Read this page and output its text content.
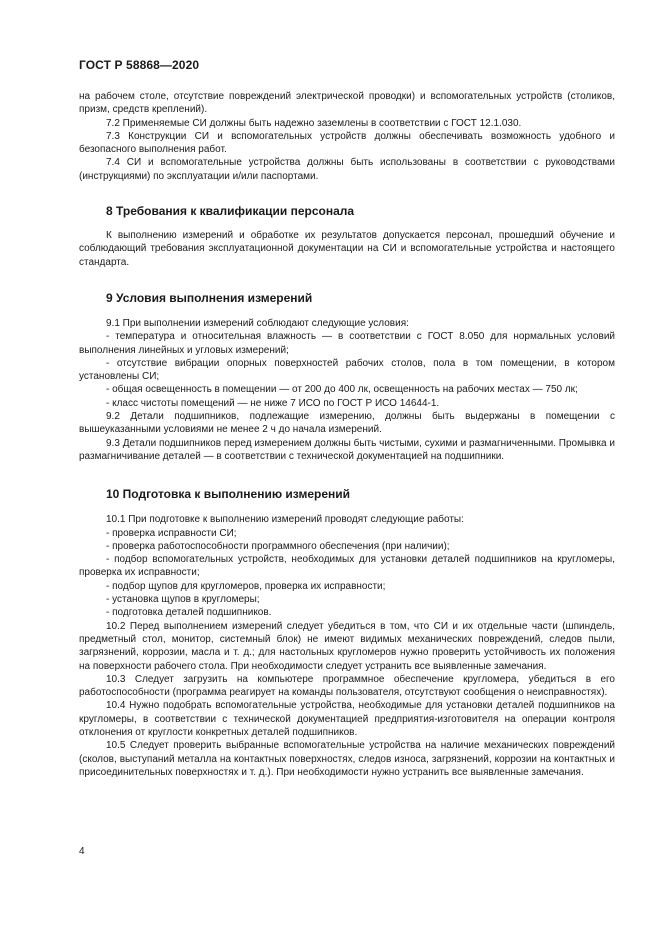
ГОСТ Р 58868—2020

на рабочем столе, отсутствие повреждений электрической проводки) и вспомогательных устройств (столиков, призм, средств креплений).

7.2 Применяемые СИ должны быть надежно заземлены в соответствии с ГОСТ 12.1.030.

7.3 Конструкции СИ и вспомогательных устройств должны обеспечивать возможность удобного и безопасного выполнения работ.

7.4 СИ и вспомогательные устройства должны быть использованы в соответствии с руководствами (инструкциями) по эксплуатации и/или паспортами.

8 Требования к квалификации персонала

К выполнению измерений и обработке их результатов допускается персонал, прошедший обучение и соблюдающий требования эксплуатационной документации на СИ и вспомогательные устройства и настоящего стандарта.

9 Условия выполнения измерений

9.1 При выполнении измерений соблюдают следующие условия:

- температура и относительная влажность — в соответствии с ГОСТ 8.050 для нормальных условий выполнения линейных и угловых измерений;

- отсутствие вибрации опорных поверхностей рабочих столов, пола в том помещении, в котором установлены СИ;

- общая освещенность в помещении — от 200 до 400 лк, освещенность на рабочих местах — 750 лк;

- класс чистоты помещений — не ниже 7 ИСО по ГОСТ Р ИСО 14644-1.

9.2 Детали подшипников, подлежащие измерению, должны быть выдержаны в помещении с вышеуказанными условиями не менее 2 ч до начала измерений.

9.3 Детали подшипников перед измерением должны быть чистыми, сухими и размагниченными. Промывка и размагничивание деталей — в соответствии с технической документацией на подшипники.

10 Подготовка к выполнению измерений

10.1 При подготовке к выполнению измерений проводят следующие работы:

- проверка исправности СИ;

- проверка работоспособности программного обеспечения (при наличии);

- подбор вспомогательных устройств, необходимых для установки деталей подшипников на кругломеры, проверка их исправности;

- подбор щупов для кругломеров, проверка их исправности;

- установка щупов в кругломеры;

- подготовка деталей подшипников.

10.2 Перед выполнением измерений следует убедиться в том, что СИ и их отдельные части (шпиндель, предметный стол, монитор, системный блок) не имеют видимых механических повреждений, следов пыли, загрязнений, коррозии, масла и т. д.; для настольных кругломеров нужно проверить устойчивость их положения на поверхности рабочего стола. При необходимости следует устранить все выявленные замечания.

10.3 Следует загрузить на компьютере программное обеспечение кругломера, убедиться в его работоспособности (программа реагирует на команды пользователя, отсутствуют сообщения о неисправностях).

10.4 Нужно подобрать вспомогательные устройства, необходимые для установки деталей подшипников на кругломеры, в соответствии с технической документацией предприятия-изготовителя на операции контроля отклонения от круглости конкретных деталей подшипников.

10.5 Следует проверить выбранные вспомогательные устройства на наличие механических повреждений (сколов, выступаний металла на контактных поверхностях, следов износа, загрязнений, коррозии на контактных и присоединительных поверхностях и т. д.). При необходимости нужно устранить все выявленные замечания.

4
